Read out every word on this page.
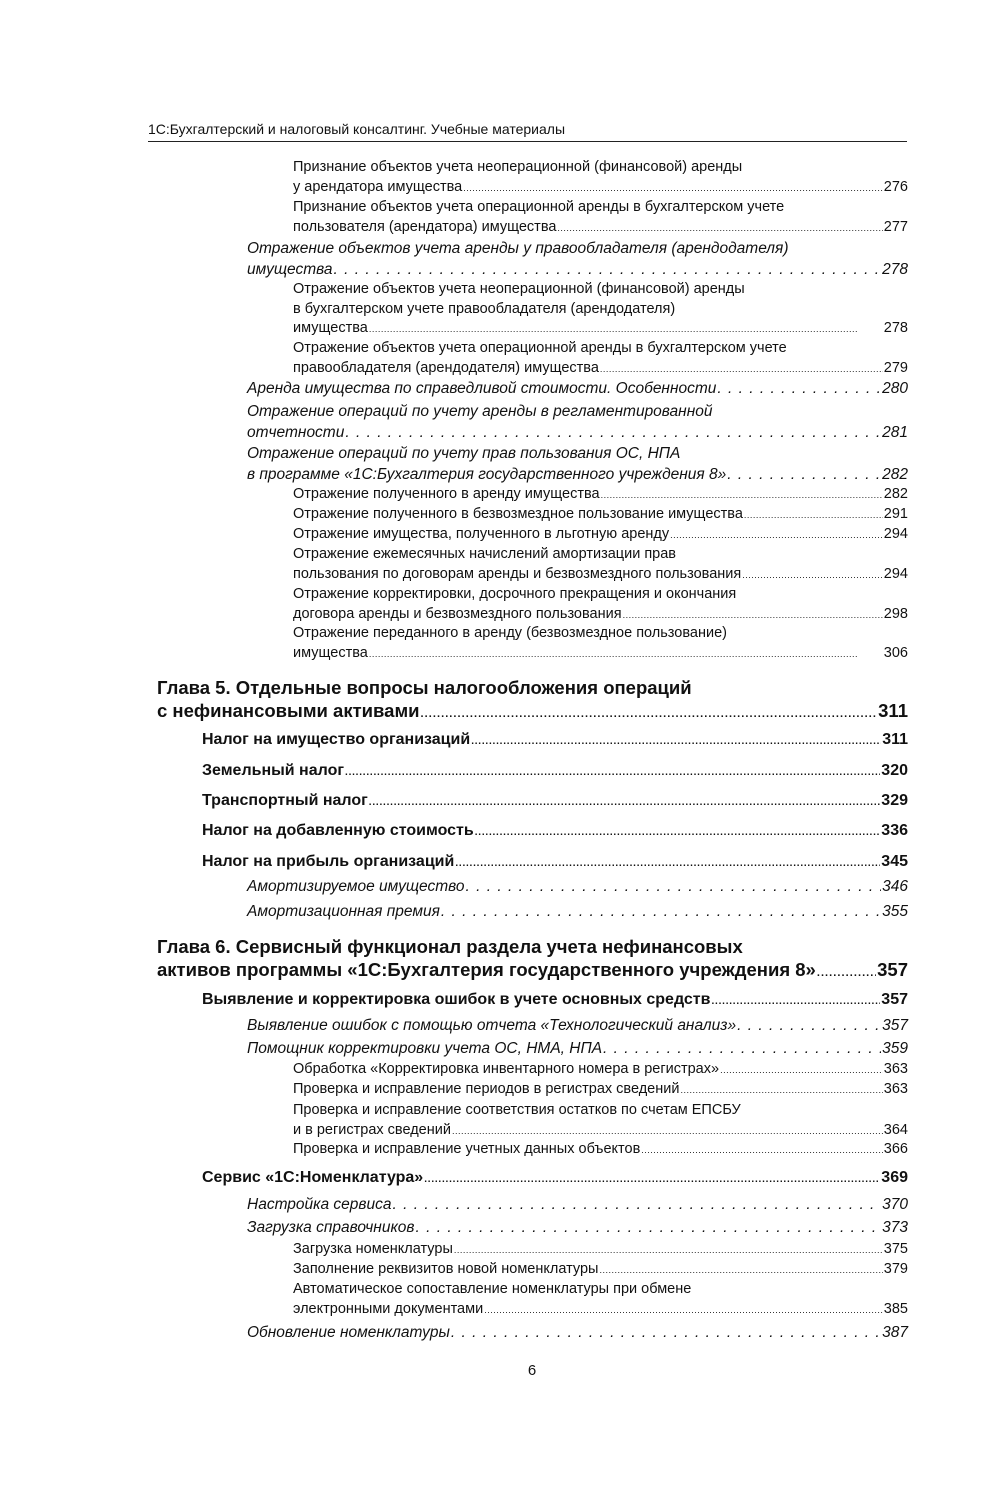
1С:Бухгалтерский и налоговый консалтинг. Учебные материалы
Признание объектов учета неоперационной (финансовой) аренды
у арендатора имущества . . .	276
Признание объектов учета операционной аренды в бухгалтерском учете
пользователя (арендатора) имущества . . .	277
Отражение объектов учета аренды у правообладателя (арендодателя)
имущества . . .	278
Отражение объектов учета неоперационной (финансовой) аренды
в бухгалтерском учете правообладателя (арендодателя)
имущества . . .	278
Отражение объектов учета операционной аренды в бухгалтерском учете
правообладателя (арендодателя) имущества . . .	279
Аренда имущества по справедливой стоимости. Особенности . . .	280
Отражение операций по учету аренды в регламентированной
отчетности . . .	281
Отражение операций по учету прав пользования ОС, НПА
в программе «1С:Бухгалтерия государственного учреждения 8» . . .	282
Отражение полученного в аренду имущества . . .	282
Отражение полученного в безвозмездное пользование имущества . . .	291
Отражение имущества, полученного в льготную аренду . . .	294
Отражение ежемесячных начислений амортизации прав
пользования по договорам аренды и безвозмездного пользования . . .	294
Отражение корректировки, досрочного прекращения и окончания
договора аренды и безвозмездного пользования . . .	298
Отражение переданного в аренду (безвозмездное пользование)
имущества . . .	306
Глава 5. Отдельные вопросы налогообложения операций
с нефинансовыми активами . . .	311
Налог на имущество организаций . . .	311
Земельный налог . . .	320
Транспортный налог . . .	329
Налог на добавленную стоимость . . .	336
Налог на прибыль организаций . . .	345
Амортизируемое имущество . . .	346
Амортизационная премия . . .	355
Глава 6. Сервисный функционал раздела учета нефинансовых
активов программы «1С:Бухгалтерия государственного учреждения 8» . . .	357
Выявление и корректировка ошибок в учете основных средств . . .	357
Выявление ошибок с помощью отчета «Технологический анализ» . . .	357
Помощник корректировки учета ОС, НМА, НПА . . .	359
Обработка «Корректировка инвентарного номера в регистрах» . . .	363
Проверка и исправление периодов в регистрах сведений . . .	363
Проверка и исправление соответствия остатков по счетам ЕПСБУ
и в регистрах сведений . . .	364
Проверка и исправление учетных данных объектов . . .	366
Сервис «1С:Номенклатура» . . .	369
Настройка сервиса . . .	370
Загрузка справочников . . .	373
Загрузка номенклатуры . . .	375
Заполнение реквизитов новой номенклатуры . . .	379
Автоматическое сопоставление номенклатуры при обмене
электронными документами . . .	385
Обновление номенклатуры . . .	387
6
